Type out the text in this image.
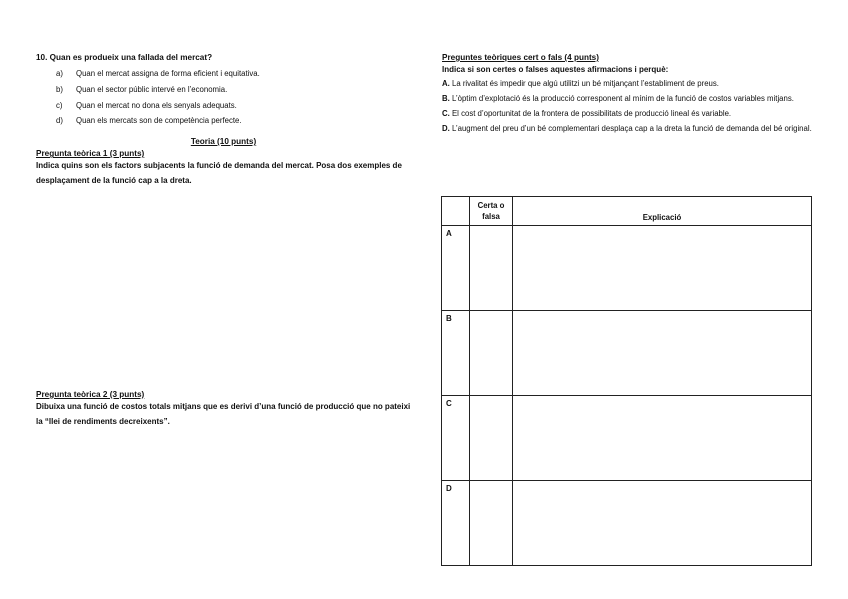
10. Quan es produeix una fallada del mercat?

a)	Quan el mercat assigna de forma eficient i equitativa.
b)	Quan el sector públic intervé en l’economia.
c)	Quan el mercat no dona els senyals adequats.
d)	Quan els mercats son de competència perfecte.
Teoria (10 punts)

Pregunta teòrica 1 (3 punts)

Indica quins son els factors subjacents la funció de demanda del mercat. Posa dos exemples de desplaçament de la funció cap a la dreta.

Pregunta teòrica 2 (3 punts)

Dibuixa una funció de costos totals mitjans que es derivi d’una funció de producció que no pateixi la “llei de rendiments decreixents”.

Preguntes teòriques cert o fals (4 punts)

Indica si son certes o falses aquestes afirmacions i perquè:

A. La rivalitat és impedir que algú utilitzi un bé mitjançant l’establiment de preus.

B. L’òptim d’explotació és la producció corresponent al mínim de la funció de costos variables mitjans.

C. El cost d’oportunitat de la frontera de possibilitats de producció lineal és variable.

D. L’augment del preu d’un bé complementari desplaça cap a la dreta la funció de demanda del bé original.

	Certa o falsa	Explicació
A		
B		
C		
D		
